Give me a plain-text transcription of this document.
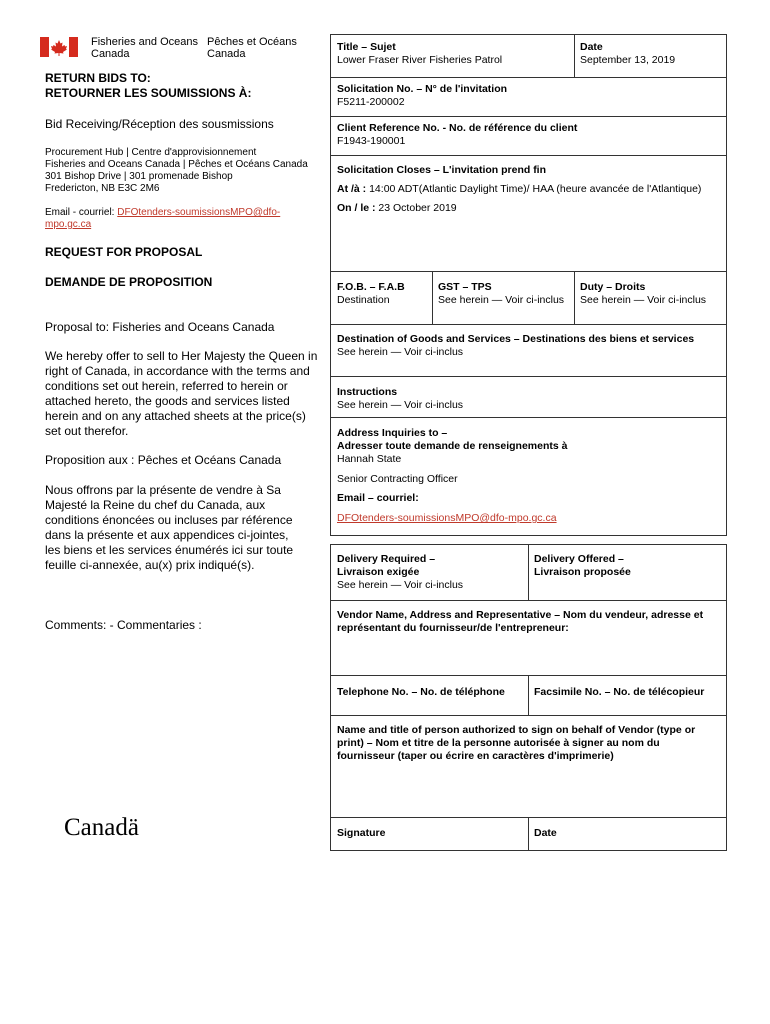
Fisheries and Oceans
Canada
Pêches et Océans
Canada
RETURN BIDS TO:
RETOURNER LES SOUMISSIONS À:
Bid Receiving/Réception des sousmissions
Procurement Hub | Centre d'approvisionnement
Fisheries and Oceans Canada | Pêches et Océans Canada
301 Bishop Drive | 301 promenade Bishop
Fredericton, NB E3C 2M6
Email - courriel: DFOtenders-soumissionsMPO@dfo-mpo.gc.ca
REQUEST FOR PROPOSAL
DEMANDE DE PROPOSITION
Proposal to: Fisheries and Oceans Canada
We hereby offer to sell to Her Majesty the Queen in right of Canada, in accordance with the terms and conditions set out herein, referred to herein or attached hereto, the goods and services listed herein and on any attached sheets at the price(s) set out therefor.
Proposition aux : Pêches et Océans Canada
Nous offrons par la présente de vendre à Sa Majesté la Reine du chef du Canada, aux conditions énoncées ou incluses par référence dans la présente et aux appendices ci-jointes, les biens et les services énumérés ici sur toute feuille ci-annexée, au(x) prix indiqué(s).
Comments: - Commentaries :
Canadä
Title – Sujet
Lower Fraser River Fisheries Patrol
Date
September 13, 2019
Solicitation No. – N° de l'invitation
F5211-200002
Client Reference No. - No. de référence du client
F1943-190001
Solicitation Closes – L'invitation prend fin
At /à : 14:00 ADT(Atlantic Daylight Time)/ HAA (heure avancée de l'Atlantique)
On / le : 23 October 2019
F.O.B. – F.A.B
Destination
GST – TPS
See herein — Voir ci-inclus
Duty – Droits
See herein — Voir ci-inclus
Destination of Goods and Services – Destinations des biens et services
See herein — Voir ci-inclus
Instructions
See herein — Voir ci-inclus
Address Inquiries to –
Adresser toute demande de renseignements à
Hannah State
Senior Contracting Officer
Email – courriel:
DFOtenders-soumissionsMPO@dfo-mpo.gc.ca
Delivery Required –
Livraison exigée
See herein — Voir ci-inclus
Delivery Offered –
Livraison proposée
Vendor Name, Address and Representative – Nom du vendeur, adresse et représentant du fournisseur/de l'entrepreneur:
Telephone No. – No. de téléphone	Facsimile No. – No. de télécopieur
Name and title of person authorized to sign on behalf of Vendor (type or print) – Nom et titre de la personne autorisée à signer au nom du fournisseur (taper ou écrire en caractères d'imprimerie)
Signature	Date
